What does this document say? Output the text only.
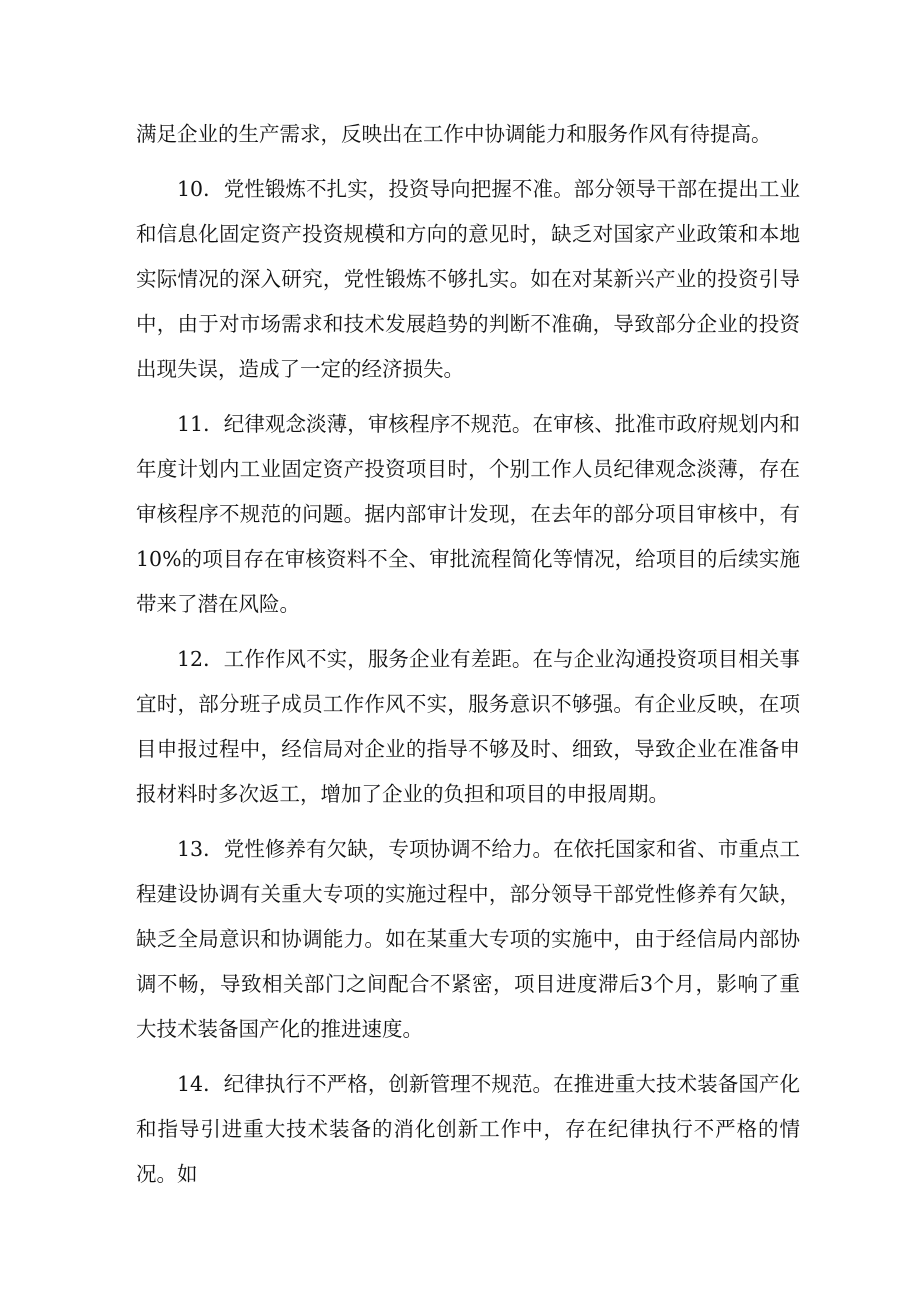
满足企业的生产需求，反映出在工作中协调能力和服务作风有待提高。

10．党性锻炼不扎实，投资导向把握不准。部分领导干部在提出工业和信息化固定资产投资规模和方向的意见时，缺乏对国家产业政策和本地实际情况的深入研究，党性锻炼不够扎实。如在对某新兴产业的投资引导中，由于对市场需求和技术发展趋势的判断不准确，导致部分企业的投资出现失误，造成了一定的经济损失。

11．纪律观念淡薄，审核程序不规范。在审核、批准市政府规划内和年度计划内工业固定资产投资项目时，个别工作人员纪律观念淡薄，存在审核程序不规范的问题。据内部审计发现，在去年的部分项目审核中，有10%的项目存在审核资料不全、审批流程简化等情况，给项目的后续实施带来了潜在风险。

12．工作作风不实，服务企业有差距。在与企业沟通投资项目相关事宜时，部分班子成员工作作风不实，服务意识不够强。有企业反映，在项目申报过程中，经信局对企业的指导不够及时、细致，导致企业在准备申报材料时多次返工，增加了企业的负担和项目的申报周期。

13．党性修养有欠缺，专项协调不给力。在依托国家和省、市重点工程建设协调有关重大专项的实施过程中，部分领导干部党性修养有欠缺，缺乏全局意识和协调能力。如在某重大专项的实施中，由于经信局内部协调不畅，导致相关部门之间配合不紧密，项目进度滞后3个月，影响了重大技术装备国产化的推进速度。

14．纪律执行不严格，创新管理不规范。在推进重大技术装备国产化和指导引进重大技术装备的消化创新工作中，存在纪律执行不严格的情况。如
